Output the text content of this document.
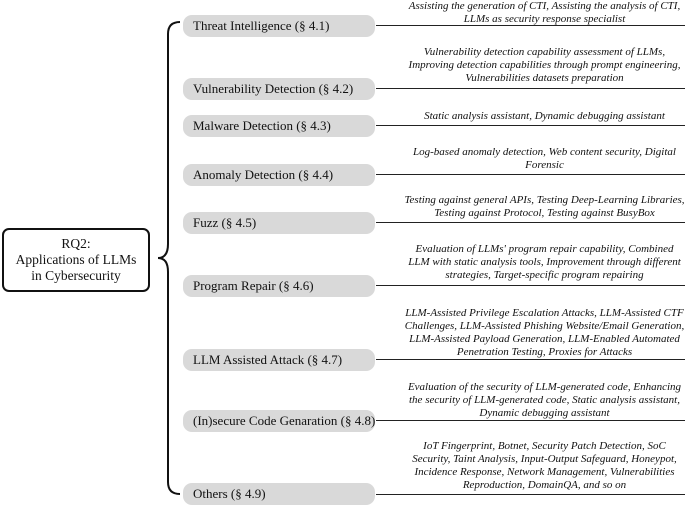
RQ2:
Applications of LLMs
in Cybersecurity
Assisting the generation of CTI, Assisting the analysis of CTI, LLMs as security response specialist
Threat Intelligence (§ 4.1)
Vulnerability detection capability assessment of LLMs, Improving detection capabilities through prompt engineering, Vulnerabilities datasets preparation
Vulnerability Detection (§ 4.2)
Static analysis assistant, Dynamic debugging assistant
Malware Detection (§ 4.3)
Log-based anomaly detection, Web content security, Digital Forensic
Anomaly Detection (§ 4.4)
Testing against general APIs, Testing Deep-Learning Libraries, Testing against Protocol, Testing against BusyBox
Fuzz (§ 4.5)
Evaluation of LLMs' program repair capability, Combined LLM with static analysis tools, Improvement through different strategies, Target-specific program repairing
Program Repair (§ 4.6)
LLM-Assisted Privilege Escalation Attacks, LLM-Assisted CTF Challenges, LLM-Assisted Phishing Website/Email Generation, LLM-Assisted Payload Generation, LLM-Enabled Automated Penetration Testing, Proxies for Attacks
LLM Assisted Attack (§ 4.7)
Evaluation of the security of LLM-generated code, Enhancing the security of LLM-generated code, Static analysis assistant, Dynamic debugging assistant
(In)secure Code Genaration (§ 4.8)
IoT Fingerprint, Botnet, Security Patch Detection, SoC Security, Taint Analysis, Input-Output Safeguard, Honeypot, Incidence Response, Network Management, Vulnerabilities Reproduction, DomainQA, and so on
Others (§ 4.9)
